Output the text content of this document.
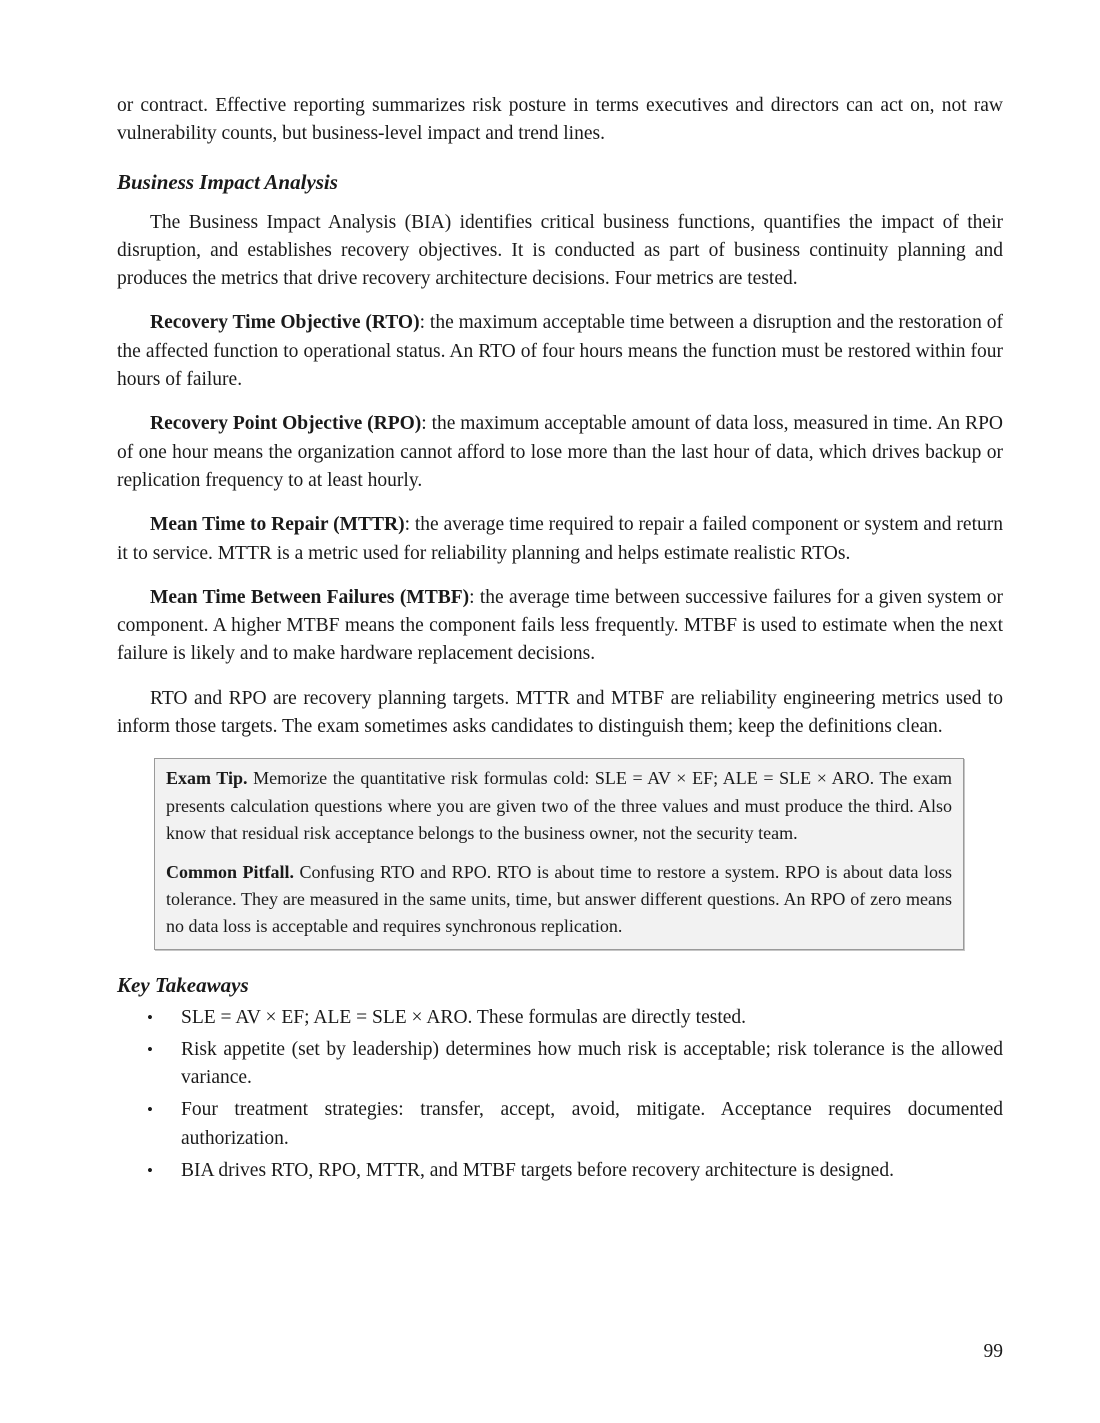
or contract. Effective reporting summarizes risk posture in terms executives and directors can act on, not raw vulnerability counts, but business-level impact and trend lines.

Business Impact Analysis

The Business Impact Analysis (BIA) identifies critical business functions, quantifies the impact of their disruption, and establishes recovery objectives. It is conducted as part of business continuity planning and produces the metrics that drive recovery architecture decisions. Four metrics are tested.

Recovery Time Objective (RTO): the maximum acceptable time between a disruption and the restoration of the affected function to operational status. An RTO of four hours means the function must be restored within four hours of failure.

Recovery Point Objective (RPO): the maximum acceptable amount of data loss, measured in time. An RPO of one hour means the organization cannot afford to lose more than the last hour of data, which drives backup or replication frequency to at least hourly.

Mean Time to Repair (MTTR): the average time required to repair a failed component or system and return it to service. MTTR is a metric used for reliability planning and helps estimate realistic RTOs.

Mean Time Between Failures (MTBF): the average time between successive failures for a given system or component. A higher MTBF means the component fails less frequently. MTBF is used to estimate when the next failure is likely and to make hardware replacement decisions.

RTO and RPO are recovery planning targets. MTTR and MTBF are reliability engineering metrics used to inform those targets. The exam sometimes asks candidates to distinguish them; keep the definitions clean.

Exam Tip. Memorize the quantitative risk formulas cold: SLE = AV × EF; ALE = SLE × ARO. The exam presents calculation questions where you are given two of the three values and must produce the third. Also know that residual risk acceptance belongs to the business owner, not the security team.

Common Pitfall. Confusing RTO and RPO. RTO is about time to restore a system. RPO is about data loss tolerance. They are measured in the same units, time, but answer different questions. An RPO of zero means no data loss is acceptable and requires synchronous replication.

Key Takeaways
• SLE = AV × EF; ALE = SLE × ARO. These formulas are directly tested.
• Risk appetite (set by leadership) determines how much risk is acceptable; risk tolerance is the allowed variance.
• Four treatment strategies: transfer, accept, avoid, mitigate. Acceptance requires documented authorization.
• BIA drives RTO, RPO, MTTR, and MTBF targets before recovery architecture is designed.
99
